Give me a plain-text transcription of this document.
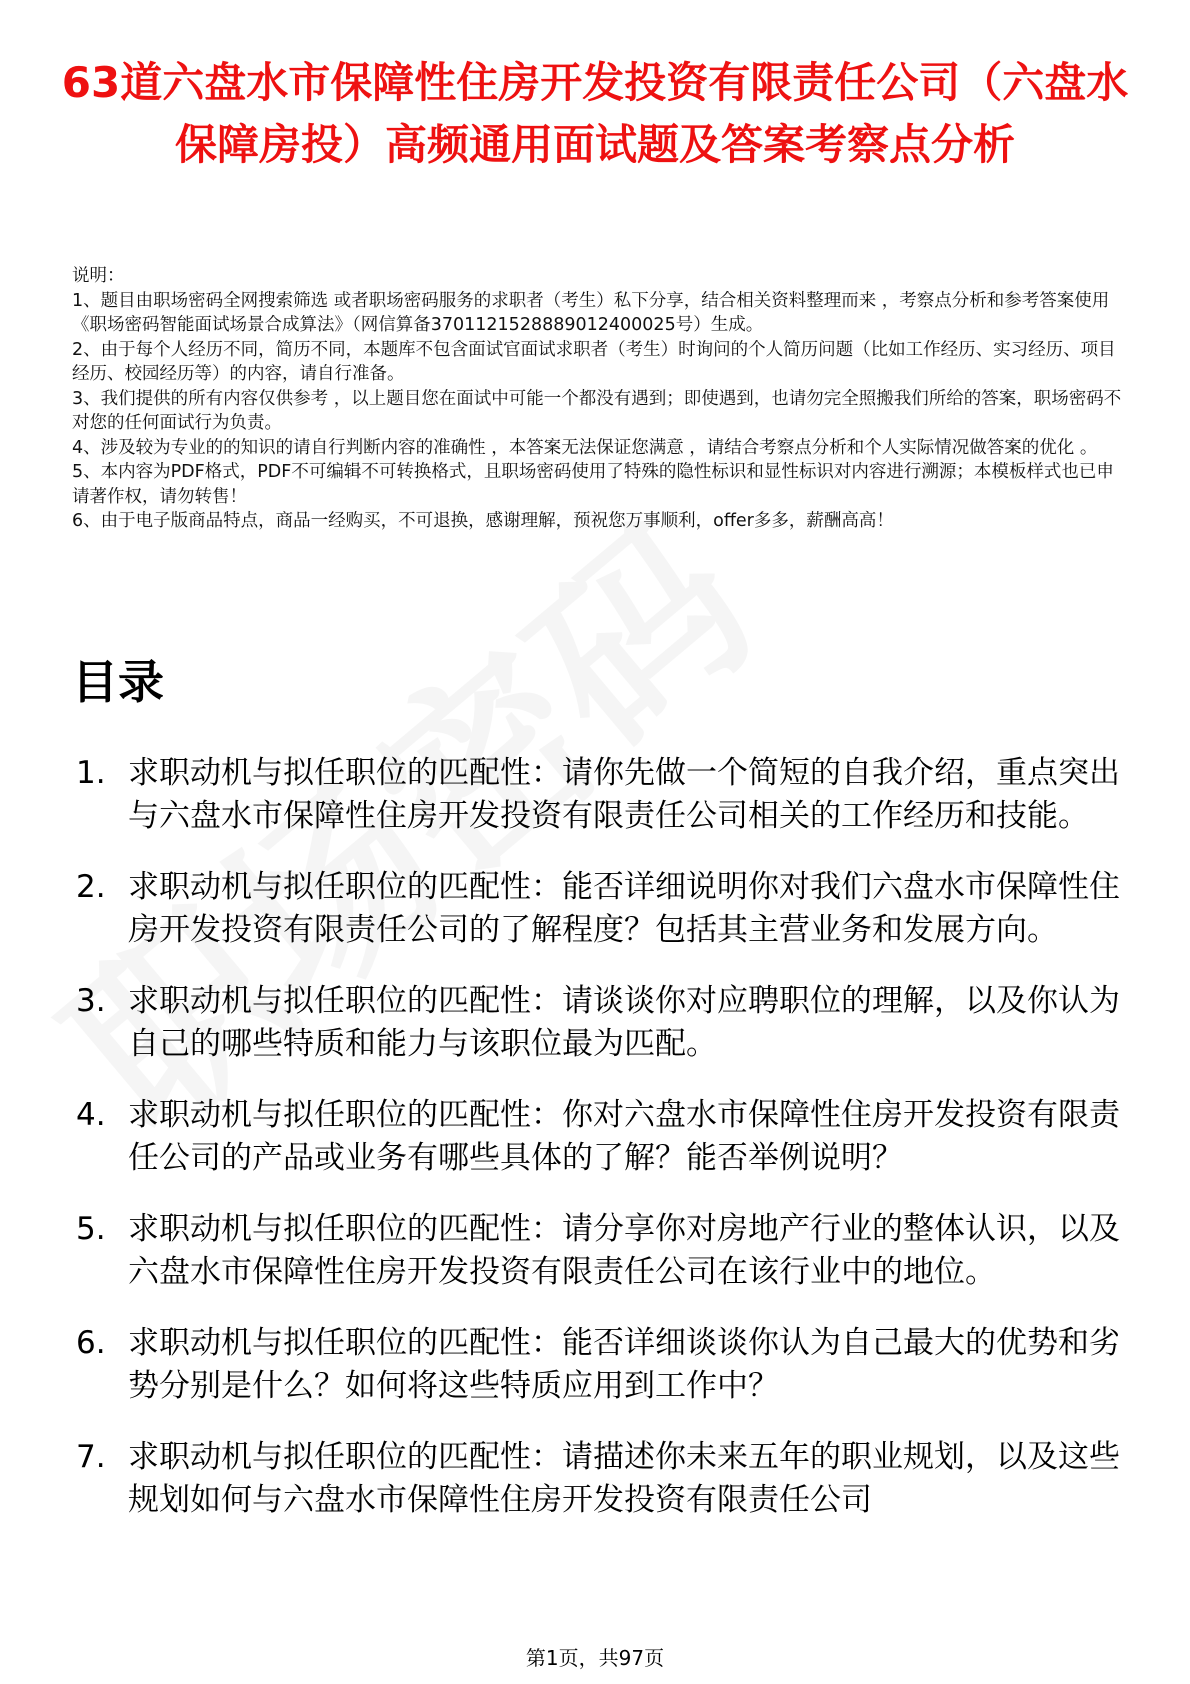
63道六盘水市保障性住房开发投资有限责任公司（六盘水保障房投）高频通用面试题及答案考察点分析

说明：

1、题目由职场密码全网搜索筛选 或者职场密码服务的求职者（考生）私下分享，结合相关资料整理而来 ，考察点分析和参考答案使用《职场密码智能面试场景合成算法》（网信算备3701121528889012400025号）生成。

2、由于每个人经历不同，简历不同，本题库不包含面试官面试求职者（考生）时询问的个人简历问题（比如工作经历、实习经历、项目经历、校园经历等）的内容，请自行准备。

3、我们提供的所有内容仅供参考 ，以上题目您在面试中可能一个都没有遇到；即使遇到，也请勿完全照搬我们所给的答案，职场密码不对您的任何面试行为负责。

4、涉及较为专业的的知识的请自行判断内容的准确性 ，本答案无法保证您满意 ，请结合考察点分析和个人实际情况做答案的优化 。

5、本内容为PDF格式，PDF不可编辑不可转换格式，且职场密码使用了特殊的隐性标识和显性标识对内容进行溯源；本模板样式也已申请著作权，请勿转售！

6、由于电子版商品特点，商品一经购买，不可退换，感谢理解，预祝您万事顺利，offer多多，薪酬高高！

目录
1. 求职动机与拟任职位的匹配性：请你先做一个简短的自我介绍，重点突出与六盘水市保障性住房开发投资有限责任公司相关的工作经历和技能。
2. 求职动机与拟任职位的匹配性：能否详细说明你对我们六盘水市保障性住房开发投资有限责任公司的了解程度？包括其主营业务和发展方向。
3. 求职动机与拟任职位的匹配性：请谈谈你对应聘职位的理解，以及你认为自己的哪些特质和能力与该职位最为匹配。
4. 求职动机与拟任职位的匹配性：你对六盘水市保障性住房开发投资有限责任公司的产品或业务有哪些具体的了解？能否举例说明？
5. 求职动机与拟任职位的匹配性：请分享你对房地产行业的整体认识，以及六盘水市保障性住房开发投资有限责任公司在该行业中的地位。
6. 求职动机与拟任职位的匹配性：能否详细谈谈你认为自己最大的优势和劣势分别是什么？如何将这些特质应用到工作中？
7. 求职动机与拟任职位的匹配性：请描述你未来五年的职业规划，以及这些规划如何与六盘水市保障性住房开发投资有限责任公司
第1页，共97页
